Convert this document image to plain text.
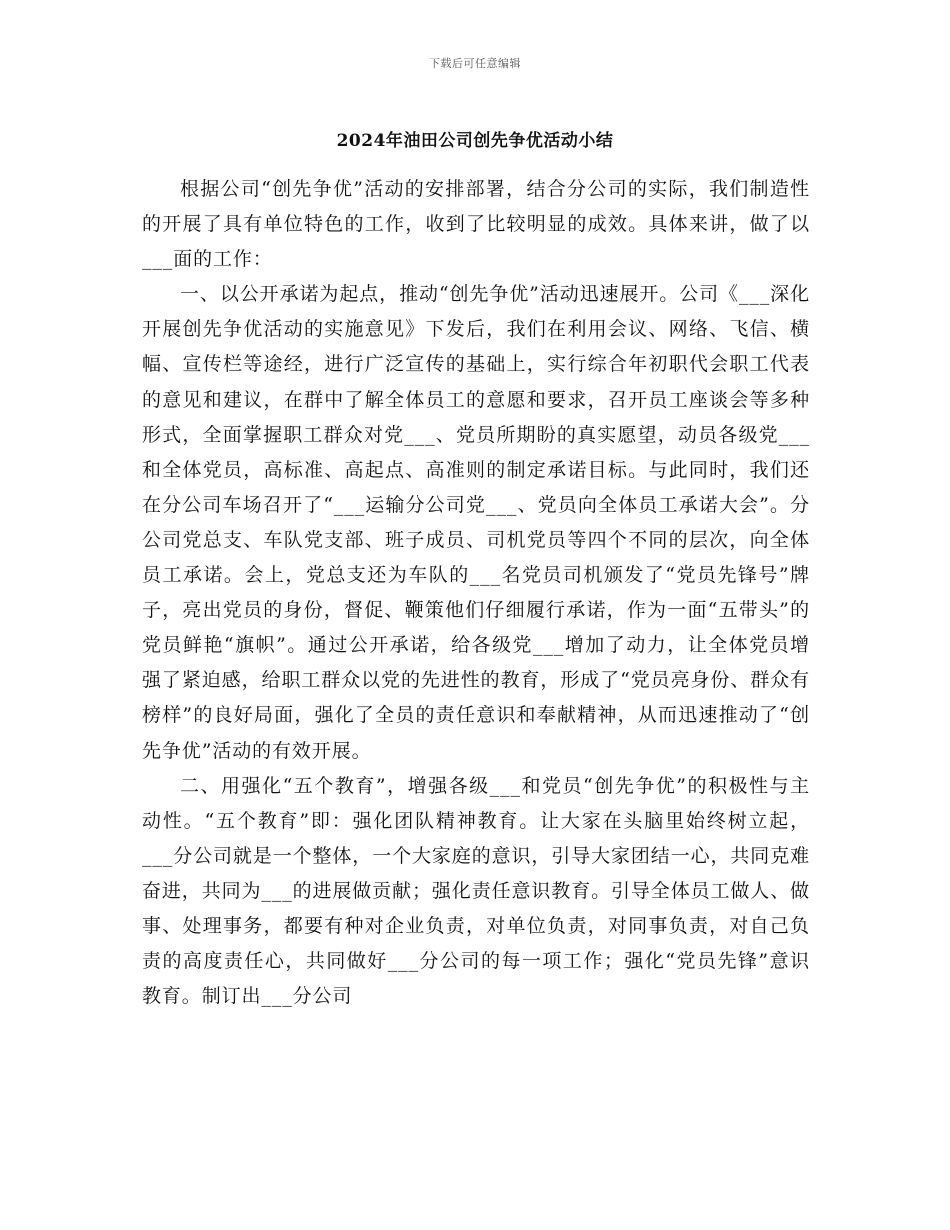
下载后可任意编辑
2024年油田公司创先争优活动小结

根据公司“创先争优”活动的安排部署，结合分公司的实际，我们制造性的开展了具有单位特色的工作，收到了比较明显的成效。具体来讲，做了以___面的工作：

一、以公开承诺为起点，推动“创先争优”活动迅速展开。公司《___深化开展创先争优活动的实施意见》下发后，我们在利用会议、网络、飞信、横幅、宣传栏等途经，进行广泛宣传的基础上，实行综合年初职代会职工代表的意见和建议，在群中了解全体员工的意愿和要求，召开员工座谈会等多种形式，全面掌握职工群众对党___、党员所期盼的真实愿望，动员各级党___和全体党员，高标准、高起点、高准则的制定承诺目标。与此同时，我们还在分公司车场召开了“___运输分公司党___、党员向全体员工承诺大会”。分公司党总支、车队党支部、班子成员、司机党员等四个不同的层次，向全体员工承诺。会上，党总支还为车队的___名党员司机颁发了“党员先锋号”牌子，亮出党员的身份，督促、鞭策他们仔细履行承诺，作为一面“五带头”的党员鲜艳“旗帜”。通过公开承诺，给各级党___增加了动力，让全体党员增强了紧迫感，给职工群众以党的先进性的教育，形成了“党员亮身份、群众有榜样”的良好局面，强化了全员的责任意识和奉献精神，从而迅速推动了“创先争优”活动的有效开展。

二、用强化“五个教育”，增强各级___和党员“创先争优”的积极性与主动性。“五个教育”即：强化团队精神教育。让大家在头脑里始终树立起，___分公司就是一个整体，一个大家庭的意识，引导大家团结一心，共同克难奋进，共同为___的进展做贡献；强化责任意识教育。引导全体员工做人、做事、处理事务，都要有种对企业负责，对单位负责，对同事负责，对自己负责的高度责任心，共同做好___分公司的每一项工作；强化“党员先锋”意识教育。制订出___分公司
